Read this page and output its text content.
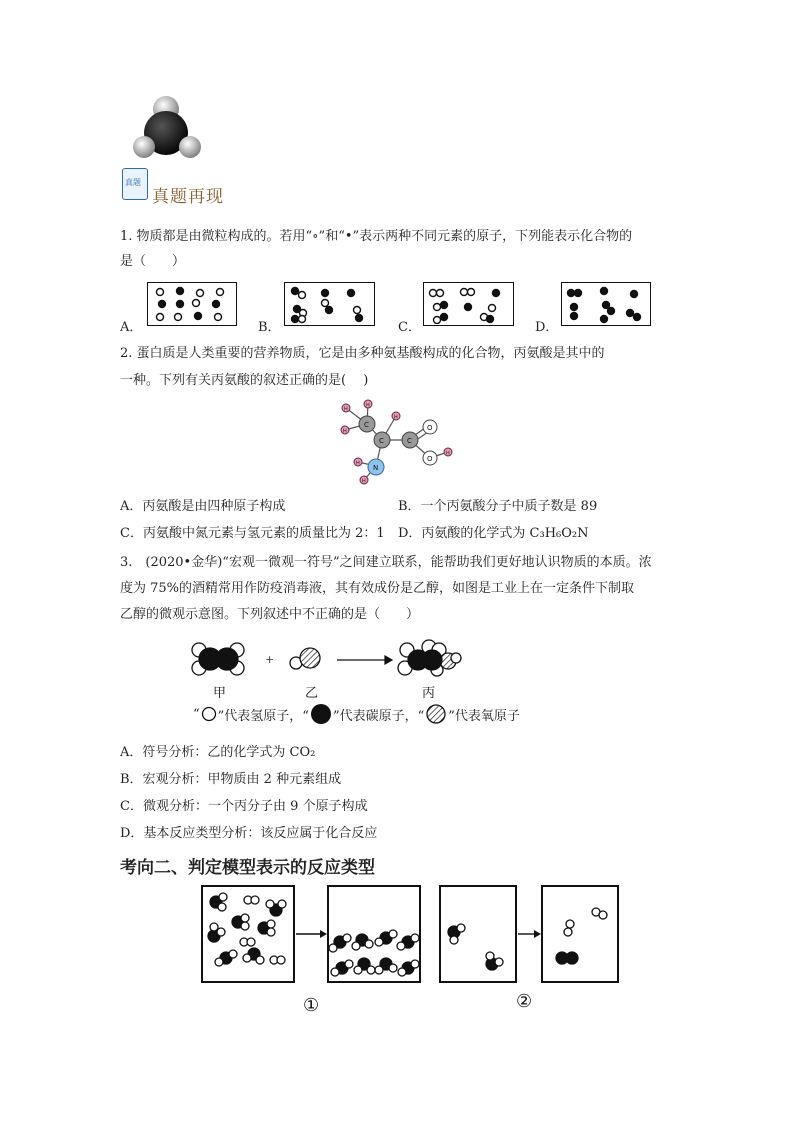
真题
真题再现
1. 物质都是由微粒构成的。若用“∘”和“•”表示两种不同元素的原子，下列能表示化合物的
是（　　）
A．	B．	C．	D．
2. 蛋白质是人类重要的营养物质，它是由多种氨基酸构成的化合物，丙氨酸是其中的
一种。下列有关丙氨酸的叙述正确的是(　 )
C
C	C
O
O
N
H
H
H
H
H
H
H
A．丙氨酸是由四种原子构成	B．一个丙氨酸分子中质子数是 89
C．丙氨酸中氮元素与氢元素的质量比为 2：1 D．丙氨酸的化学式为 C₃H₆O₂N
3.　(2020•金华)“宏观一微观一符号”之间建立联系，能帮助我们更好地认识物质的本质。浓
度为 75%的酒精常用作防疫消毒液，其有效成份是乙醇，如图是工业上在一定条件下制取
乙醇的微观示意图。下列叙述中不正确的是（　　）
+
甲	乙	丙
“ ”代表氢原子，“ ”代表碳原子，“ ”代表氧原子
A．符号分析：乙的化学式为 CO₂
B．宏观分析：甲物质由 2 种元素组成
C．微观分析：一个丙分子由 9 个原子构成
D．基本反应类型分析：该反应属于化合反应
考向二、判定模型表示的反应类型
①	②
